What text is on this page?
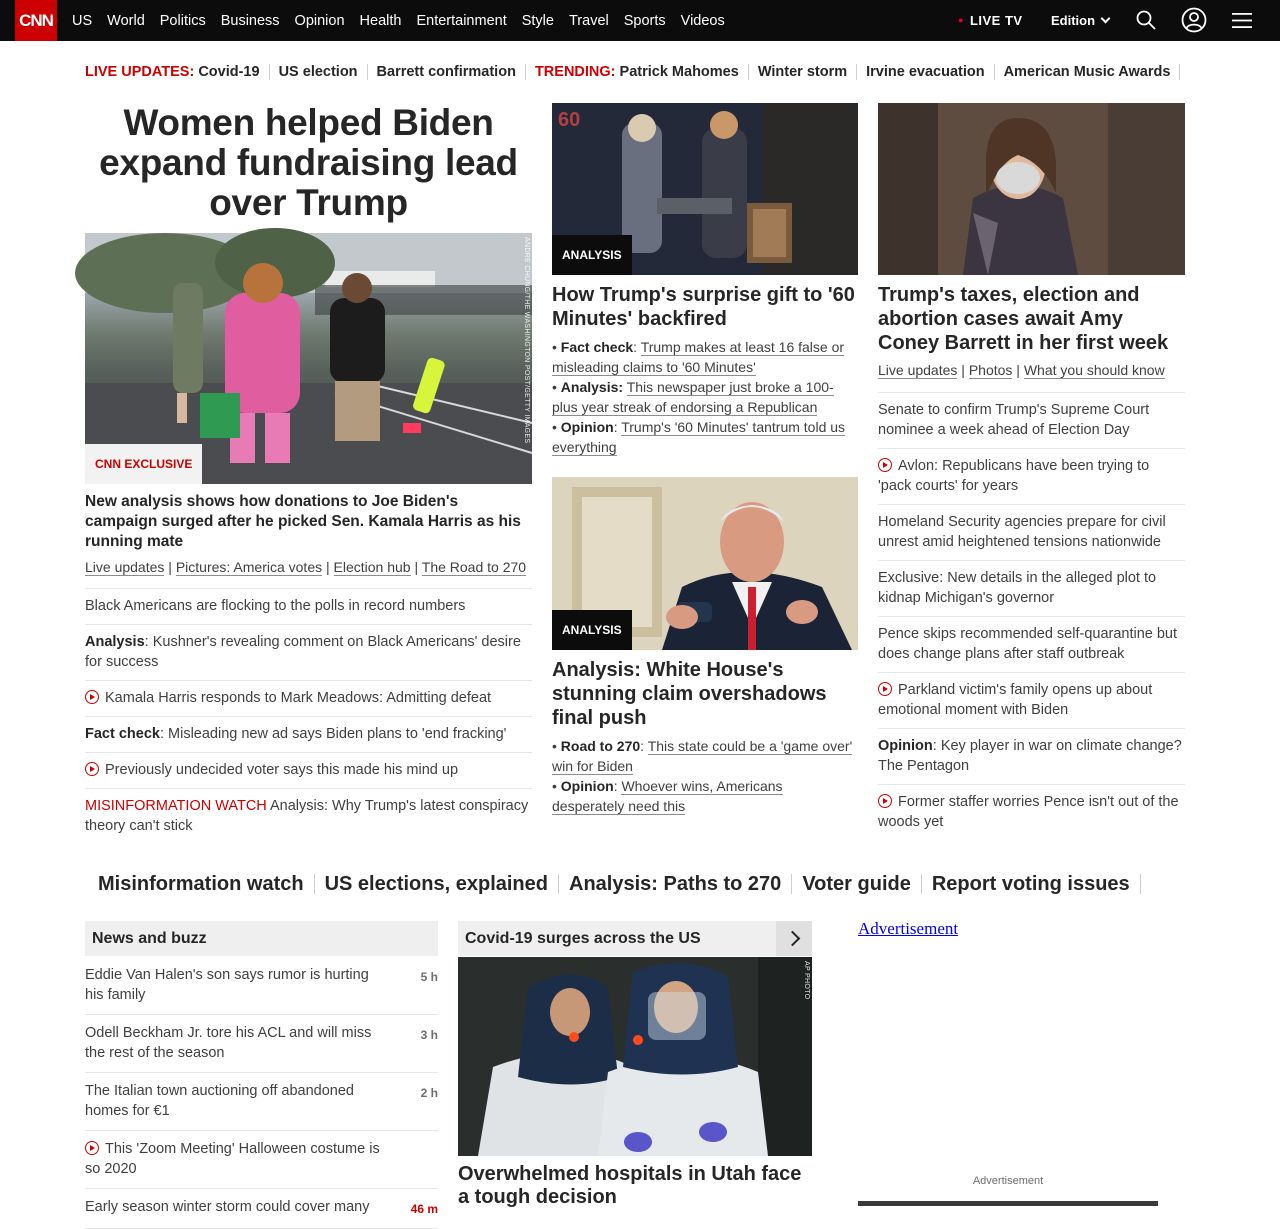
CNN US World Politics Business Opinion Health Entertainment Style Travel Sports Videos	● LIVE TV Edition
LIVE UPDATES: Covid-19	US election	Barrett confirmation	TRENDING: Patrick Mahomes	Winter storm	Irvine evacuation	American Music Awards
Women helped Biden expand fundraising lead over Trump
ANDRE CHUNG/THE WASHINGTON POST/GETTY IMAGES
CNN EXCLUSIVE
New analysis shows how donations to Joe Biden's campaign surged after he picked Sen. Kamala Harris as his running mate
Live updates | Pictures: America votes | Election hub | The Road to 270
Black Americans are flocking to the polls in record numbers
Analysis: Kushner's revealing comment on Black Americans' desire for success
Kamala Harris responds to Mark Meadows: Admitting defeat
Fact check: Misleading new ad says Biden plans to 'end fracking'
Previously undecided voter says this made his mind up
MISINFORMATION WATCH Analysis: Why Trump's latest conspiracy theory can't stick
60
ANALYSIS
How Trump's surprise gift to '60 Minutes' backfired
• Fact check: Trump makes at least 16 false or misleading claims to '60 Minutes'
• Analysis: This newspaper just broke a 100-plus year streak of endorsing a Republican
• Opinion: Trump's '60 Minutes' tantrum told us everything
ANALYSIS
Analysis: White House's stunning claim overshadows final push
• Road to 270: This state could be a 'game over' win for Biden
• Opinion: Whoever wins, Americans desperately need this
Trump's taxes, election and abortion cases await Amy Coney Barrett in her first week
Live updates | Photos | What you should know
Senate to confirm Trump's Supreme Court nominee a week ahead of Election Day
Avlon: Republicans have been trying to 'pack courts' for years
Homeland Security agencies prepare for civil unrest amid heightened tensions nationwide
Exclusive: New details in the alleged plot to kidnap Michigan's governor
Pence skips recommended self-quarantine but does change plans after staff outbreak
Parkland victim's family opens up about emotional moment with Biden
Opinion: Key player in war on climate change? The Pentagon
Former staffer worries Pence isn't out of the woods yet
Misinformation watch	US elections, explained	Analysis: Paths to 270	Voter guide	Report voting issues
News and buzz
Eddie Van Halen's son says rumor is hurting his family
5 h
Odell Beckham Jr. tore his ACL and will miss the rest of the season
3 h
The Italian town auctioning off abandoned homes for €1
2 h
This 'Zoom Meeting' Halloween costume is so 2020
Early season winter storm could cover many	46 m
Covid-19 surges across the US
AP PHOTO
Overwhelmed hospitals in Utah face a tough decision
Advertisement
Advertisement
